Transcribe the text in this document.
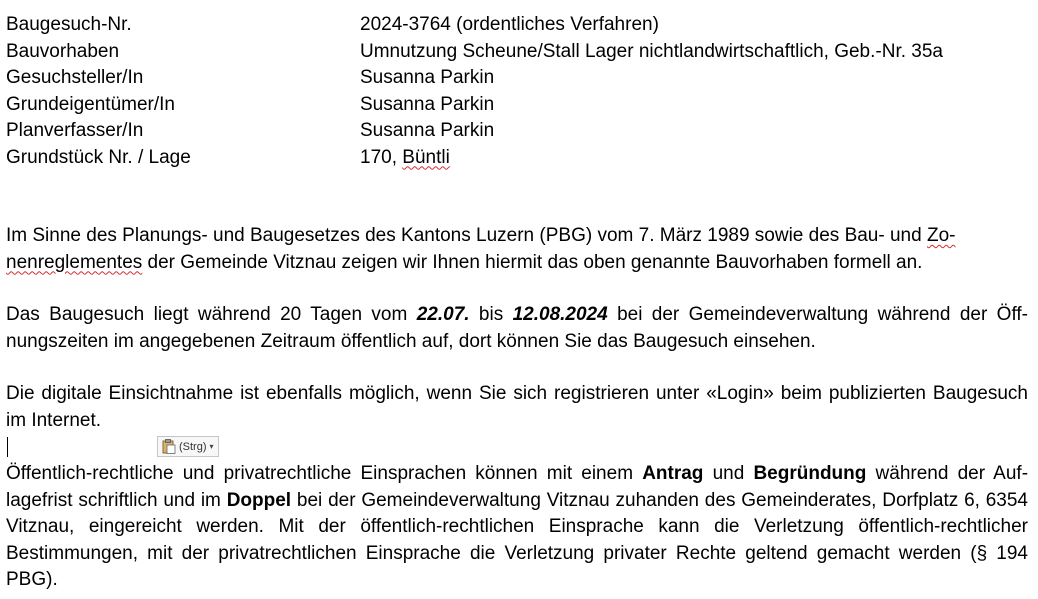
Baugesuch-Nr.	2024-3764 (ordentliches Verfahren)
Bauvorhaben	Umnutzung Scheune/Stall Lager nichtlandwirtschaftlich, Geb.-Nr. 35a
Gesuchsteller/In	Susanna Parkin
Grundeigentümer/In	Susanna Parkin
Planverfasser/In	Susanna Parkin
Grundstück Nr. / Lage	170, Büntli
Im Sinne des Planungs- und Baugesetzes des Kantons Luzern (PBG) vom 7. März 1989 sowie des Bau- und Zo-
nenreglementes der Gemeinde Vitznau zeigen wir Ihnen hiermit das oben genannte Bauvorhaben formell an.
Das Baugesuch liegt während 20 Tagen vom 22.07. bis 12.08.2024 bei der Gemeindeverwaltung während der Öffnungszeiten im angegebenen Zeitraum öffentlich auf, dort können Sie das Baugesuch einsehen.
Die digitale Einsichtnahme ist ebenfalls möglich, wenn Sie sich registrieren unter «Login» beim publizierten Baugesuch im Internet.
(Strg) ▾
Öffentlich-rechtliche und privatrechtliche Einsprachen können mit einem Antrag und Begründung während der Auflagefrist schriftlich und im Doppel bei der Gemeindeverwaltung Vitznau zuhanden des Gemeinderates, Dorfplatz 6, 6354 Vitznau, eingereicht werden. Mit der öffentlich-rechtlichen Einsprache kann die Verletzung öffentlich-rechtlicher Bestimmungen, mit der privatrechtlichen Einsprache die Verletzung privater Rechte geltend gemacht werden (§ 194 PBG).
